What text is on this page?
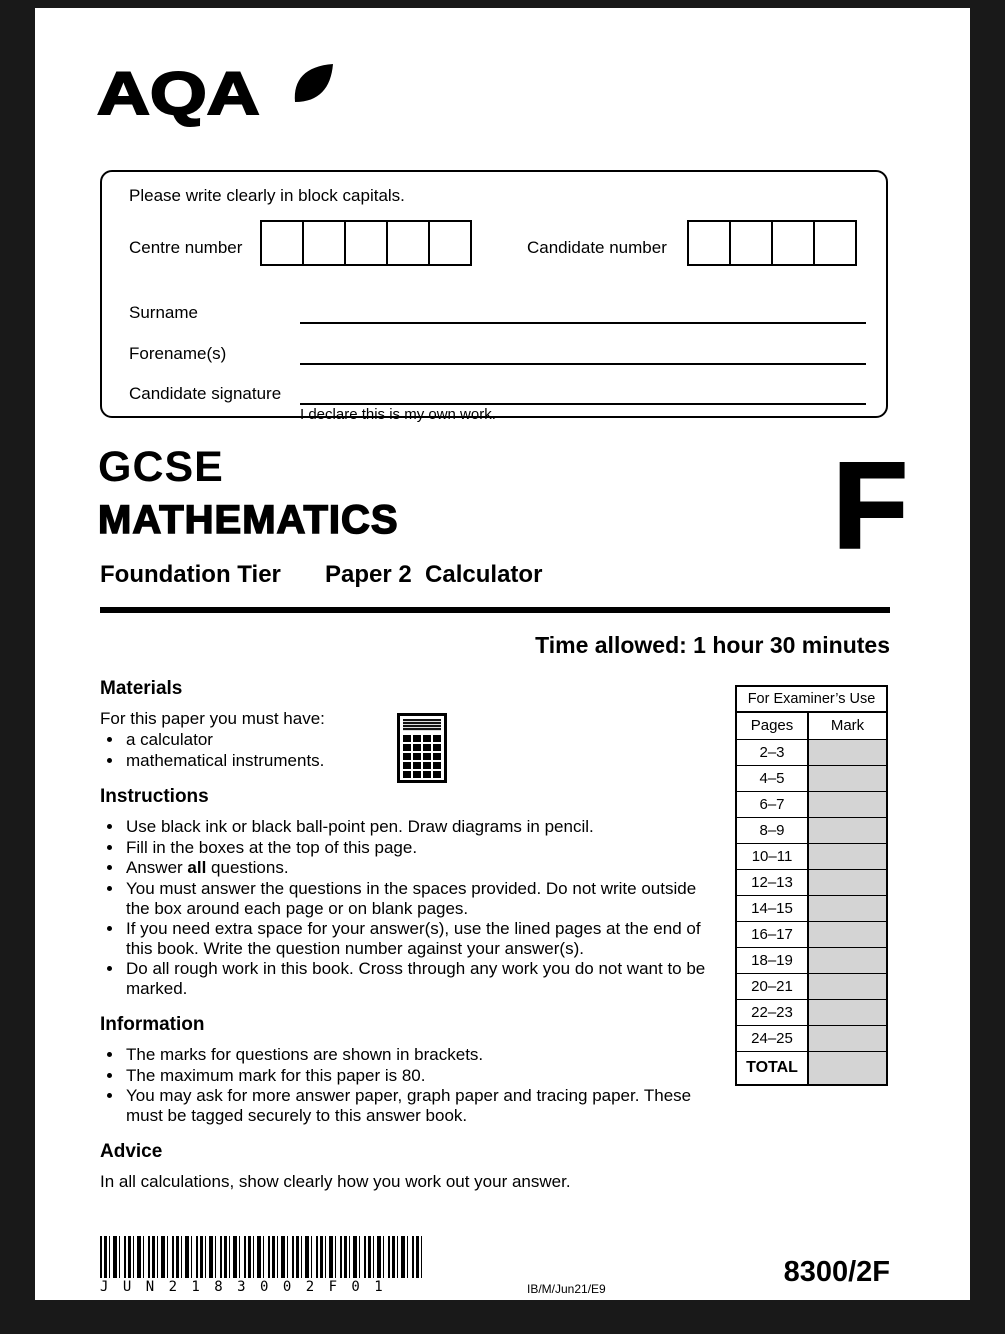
AQA
Please write clearly in block capitals.
Centre number	Candidate number
Surname
Forename(s)
Candidate signature
I declare this is my own work.
GCSE
MATHEMATICS	F
Foundation Tier Paper 2  Calculator
Time allowed: 1 hour 30 minutes
Materials
For this paper you must have:
• a calculator
• mathematical instruments.
Instructions
• Use black ink or black ball-point pen. Draw diagrams in pencil.
• Fill in the boxes at the top of this page.
• Answer all questions.
• You must answer the questions in the spaces provided. Do not write outside the box around each page or on blank pages.
• If you need extra space for your answer(s), use the lined pages at the end of this book. Write the question number against your answer(s).
• Do all rough work in this book. Cross through any work you do not want to be marked.
Information
• The marks for questions are shown in brackets.
• The maximum mark for this paper is 80.
• You may ask for more answer paper, graph paper and tracing paper. These must be tagged securely to this answer book.
Advice
In all calculations, show clearly how you work out your answer.
For Examiner’s Use
Pages	Mark
2–3
4–5
6–7
8–9
10–11
12–13
14–15
16–17
18–19
20–21
22–23
24–25
TOTAL
J U N 2 1 8 3 0 0 2 F 0 1	IB/M/Jun21/E9
8300/2F
